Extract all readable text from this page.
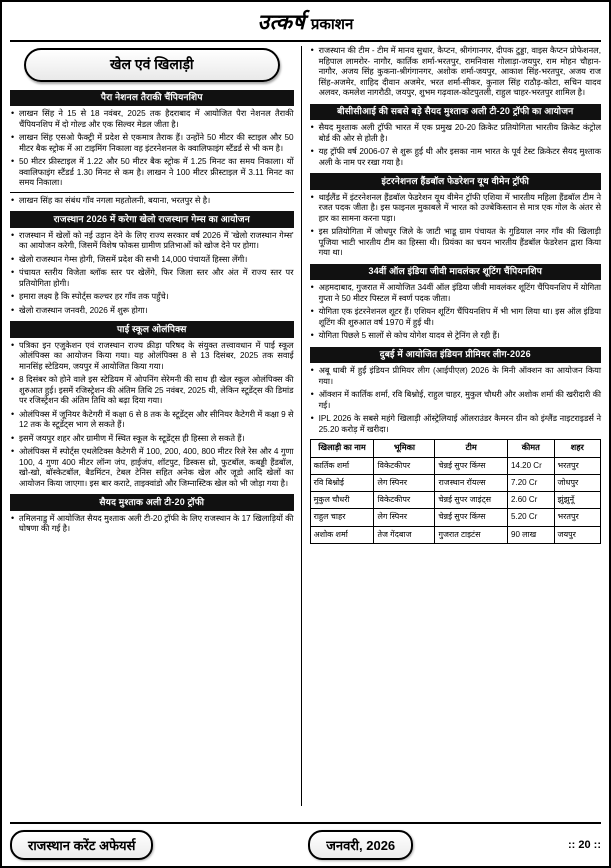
उत्कर्ष प्रकाशन
खेल एवं खिलाड़ी
पैरा नेशनल तैराकी चैंपियनशिप
• लाखन सिंह ने 15 से 18 नवंबर, 2025 तक हैदराबाद में आयोजित पैरा नेशनल तैराकी चैंपियनशिप में दो गोल्ड और एक सिल्वर मेडल जीता है।
• लाखन सिंह एसओ फैक्ट्री में प्रदेश से एकमात्र तैराक हैं। उन्होंने 50 मीटर की स्टाइल और 50 मीटर बैक स्ट्रोक में आ टाइमिंग निकाला वह इंटरनेशनल के क्वालिफाइंग स्टैंडर्ड से भी कम है।
• 50 मीटर फ्रीस्टाइल में 1.22 और 50 मीटर बैक स्ट्रोक में 1.25 मिनट का समय निकाला। यों क्वालिफाइंग स्टैंडर्ड 1.30 मिनट से कम है। लाखन ने 100 मीटर फ्रीस्टाइल में 3.11 मिनट का समय निकाला।
• लाखन सिंह का संबंध गाँव नगला महतोलनी, बयाना, भरतपुर से है।
राजस्थान 2026 में करेगा खेलो राजस्थान गेम्स का आयोजन
• राजस्थान में खेलों को नई उड़ान देने के लिए राज्य सरकार वर्ष 2026 में 'खेलो राजस्थान गेम्स' का आयोजन करेगी, जिसमें विशेष फोकस ग्रामीण प्रतिभाओं को खोज देने पर होगा।
• खेलो राजस्थान गेम्स होगी, जिसमें प्रदेश की सभी 14,000 पंचायतें हिस्सा लेंगी।
• पंचायत स्तरीय विजेता ब्लॉक स्तर पर खेलेंगे, फिर जिला स्तर और अंत में राज्य स्तर पर प्रतियोगिता होगी।
• हमारा लक्ष्य है कि स्पोर्ट्स कल्चर हर गाँव तक पहुँचे।
• खेलो राजस्थान जनवरी, 2026 में शुरू होगा।
पाई स्कूल ओलंपिक्स
• पत्रिका इन एजुकेशन एवं राजस्थान राज्य क्रीड़ा परिषद के संयुक्त तत्त्वावधान में पाई स्कूल ओलंपिक्स का आयोजन किया गया। यह ओलंपिक्स 8 से 13 दिसंबर, 2025 तक सवाई मानसिंह स्टेडियम, जयपुर में आयोजित किया गया।
• 8 दिसंबर को होने वाले इस स्टेडियम में ओपनिंग सेरेमनी की साथ ही खेल स्कूल ओलंपिक्स की शुरुआत हुई। इसमें रजिस्ट्रेशन की अंतिम तिथि 25 नवंबर, 2025 थी, लेकिन स्टूडेंट्स की डिमांड पर रजिस्ट्रेशन की अंतिम तिथि को बढ़ा दिया गया।
• ओलंपिक्स में जूनियर कैटेगरी में कक्षा 6 से 8 तक के स्टूडेंट्स और सीनियर कैटेगरी में कक्षा 9 से 12 तक के स्टूडेंट्स भाग ले सकते हैं।
• इसमें जयपुर शहर और ग्रामीण में स्थित स्कूल के स्टूडेंट्स ही हिस्सा ले सकते हैं।
• ओलंपिक्स में स्पोर्ट्स एथलेटिक्स कैटेगरी में 100, 200, 400, 800 मीटर रिले रेस और 4 गुणा 100, 4 गुणा 400 मीटर लॉन्ग जंप, हाईजंप, शॉटपुट, डिस्कस थ्रो, फुटबॉल, कबड्डी हैंडबॉल, खो-खो, बॉस्केटबॉल, बैडमिंटन, टेबल टेनिस सहित अनेक खेल और जूडो आदि खेलों का आयोजन किया जाएगा। इस बार कराटे, ताइक्वांडो और जिम्नास्टिक खेल को भी जोड़ा गया है।
सैयद मुश्ताक अली टी-20 ट्रॉफी
• तमिलनाडु में आयोजित सैयद मुश्ताक अली टी-20 ट्रॉफी के लिए राजस्थान के 17 खिलाड़ियों की घोषणा की गई है।
• राजस्थान की टीम - टीम में मानव सुधार, कैप्टन, श्रीगंगानगर, दीपक टुड्डा, वाइस कैप्टन प्रोफेशनल, महिपाल लामरोर- नागौर, कार्तिक शर्मा-भरतपुर, रामनिवास गोलाड़ा-जयपुर, राम मोहन चौहान-नागौर, अजय सिंह कुकना-श्रीगंगानगर, अशोक शर्मा-जयपुर, आकाश सिंह-भरतपुर, अजय राज सिंह-अजमेर, शाहिद दीवान अजमेर, भरत शर्मा-सीकर, कुनाल सिंह राठौड़-कोटा, सचिन यादव अलवर, कमलेश नागरौठी, जयपुर, शुभम गढ़वाल-कोटपुतली, राहुल चाहर-भरतपुर शामिल है।
बीसीसीआई की सबसे बड़े सैयद मुश्ताक अली टी-20 ट्रॉफी का आयोजन
• सैयद मुश्ताक अली ट्रॉफी भारत में एक प्रमुख 20-20 क्रिकेट प्रतियोगिता भारतीय क्रिकेट कंट्रोल बोर्ड की ओर से होती है।
• यह ट्रॉफी वर्ष 2006-07 से शुरू हुई थी और इसका नाम भारत के पूर्व टेस्ट क्रिकेटर सैयद मुश्ताक अली के नाम पर रखा गया है।
इंटरनेशनल हैंडबॉल फेडरेशन यूथ वीमेन ट्रॉफी
• थाईलैंड में इंटरनेशनल हैंडबॉल फेडरेशन यूथ वीमेन ट्रॉफी एशिया में भारतीय महिला हैंडबॉल टीम ने रजत पदक जीता है। इस फाइनल मुकाबले में भारत को उज्बेकिस्तान से मात्र एक गोल के अंतर से हार का सामना करना पड़ा।
• इस प्रतियोगिता में जोधपुर जिले के जाटी भाडू ग्राम पंचायत के गुडियाल नगर गाँव की खिलाड़ी पूजिया भाटी भारतीय टीम का हिस्सा थी। प्रियंका का चयन भारतीय हैंडबॉल फेडरेशन द्वारा किया गया था।
34वीं ऑल इंडिया जीवी मावलंकर शूटिंग चैंपियनशिप
• अहमदाबाद, गुजरात में आयोजित 34वीं ऑल इंडिया जीवी मावलंकर शूटिंग चैंपियनशिप में योगिता गुप्ता ने 50 मीटर पिस्टल में स्वर्ण पदक जीता।
• योगिता एक इंटरनेशनल शूटर हैं। एशियन शूटिंग चैंपियनशिप में भी भाग लिया था। इस ऑल इंडिया शूटिंग की शुरुआत वर्ष 1970 में हुई थी।
• योगिता पिछले 5 सालों से कोच योगेश यादव से ट्रेनिंग ले रही हैं।
दुबई में आयोजित इंडियन प्रीमियर लीग-2026
• अबू धाबी में हुईं इंडियन प्रीमियर लीग (आईपीएल) 2026 के मिनी ऑक्शन का आयोजन किया गया।
• ऑक्शन में कार्तिक शर्मा, रवि बिश्नोई, राहुल चाहर, मुकुल चौधरी और अशोक शर्मा की खरीदारी की गई।
• IPL 2026 के सबसे महंगे खिलाड़ी ऑस्ट्रेलियाई ऑलराउंडर कैमरन ग्रीन को इंग्लैंड नाइटराइडर्स ने 25.20 करोड़ में खरीदा।
खिलाड़ी का नाम	भूमिका	टीम	कीमत	शहर
कार्तिक शर्मा	विकेटकीपर	चेन्नई सुपर किंग्स	14.20 Cr	भरतपुर
रवि बिश्नोई	लेग स्पिनर	राजस्थान रॉयल्स	7.20 Cr	जोधपुर
मुकुल चौधरी	विकेटकीपर	चेन्नई सुपर जाइंट्स	2.60 Cr	झुंझुनूँ
राहुल चाहर	लेग स्पिनर	चेन्नई सुपर किंग्स	5.20 Cr	भरतपुर
अशोक शर्मा	तेज गेंदबाज	गुजरात टाइटंस	90 लाख	जयपुर
राजस्थान करेंट अफेयर्स	जनवरी, 2026	:: 20 ::
